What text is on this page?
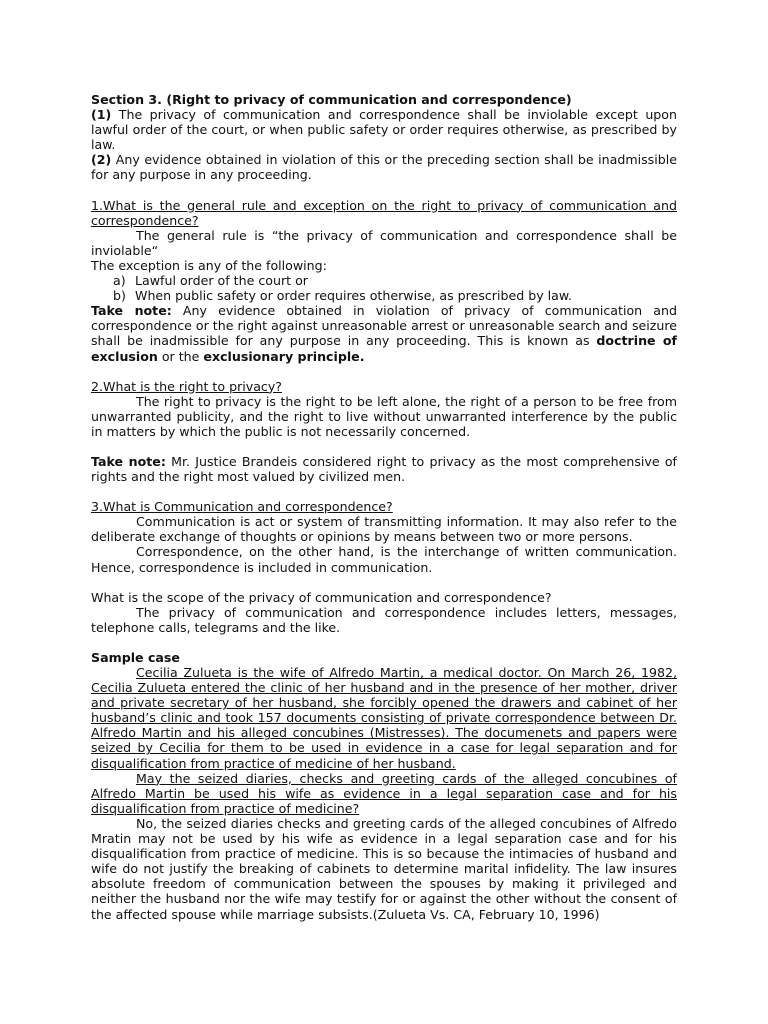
Section 3. (Right to privacy of communication and correspondence)

(1) The privacy of communication and correspondence shall be inviolable except upon lawful order of the court, or when public safety or order requires otherwise, as prescribed by law.

(2) Any evidence obtained in violation of this or the preceding section shall be inadmissible for any purpose in any proceeding.

1.What is the general rule and exception on the right to privacy of communication and correspondence?

The general rule is “the privacy of communication and correspondence shall be inviolable“

The exception is any of the following:

a) Lawful order of the court or
b) When public safety or order requires otherwise, as prescribed by law.

Take note: Any evidence obtained in violation of privacy of communication and correspondence or the right against unreasonable arrest or unreasonable search and seizure shall be inadmissible for any purpose in any proceeding. This is known as doctrine of exclusion or the exclusionary principle.

2.What is the right to privacy?

The right to privacy is the right to be left alone, the right of a person to be free from unwarranted publicity, and the right to live without unwarranted interference by the public in matters by which the public is not necessarily concerned.

Take note: Mr. Justice Brandeis considered right to privacy as the most comprehensive of rights and the right most valued by civilized men.

3.What is Communication and correspondence?

Communication is act or system of transmitting information. It may also refer to the deliberate exchange of thoughts or opinions by means between two or more persons.

Correspondence, on the other hand, is the interchange of written communication. Hence, correspondence is included in communication.

What is the scope of the privacy of communication and correspondence?

The privacy of communication and correspondence includes letters, messages, telephone calls, telegrams and the like.

Sample case

Cecilia Zulueta is the wife of Alfredo Martin, a medical doctor. On March 26, 1982, Cecilia Zulueta entered the clinic of her husband and in the presence of her mother, driver and private secretary of her husband, she forcibly opened the drawers and cabinet of her husband’s clinic and took 157 documents consisting of private correspondence between Dr. Alfredo Martin and his alleged concubines (Mistresses). The documenets and papers were seized by Cecilia for them to be used in evidence in a case for legal separation and for disqualification from practice of medicine of her husband.

May the seized diaries, checks and greeting cards of the alleged concubines of Alfredo Martin be used his wife as evidence in a legal separation case and for his disqualification from practice of medicine?

No, the seized diaries checks and greeting cards of the alleged concubines of Alfredo Mratin may not be used by his wife as evidence in a legal separation case and for his disqualification from practice of medicine. This is so because the intimacies of husband and wife do not justify the breaking of cabinets to determine marital infidelity. The law insures absolute freedom of communication between the spouses by making it privileged and neither the husband nor the wife may testify for or against the other without the consent of the affected spouse while marriage subsists.(Zulueta Vs. CA, February 10, 1996)
